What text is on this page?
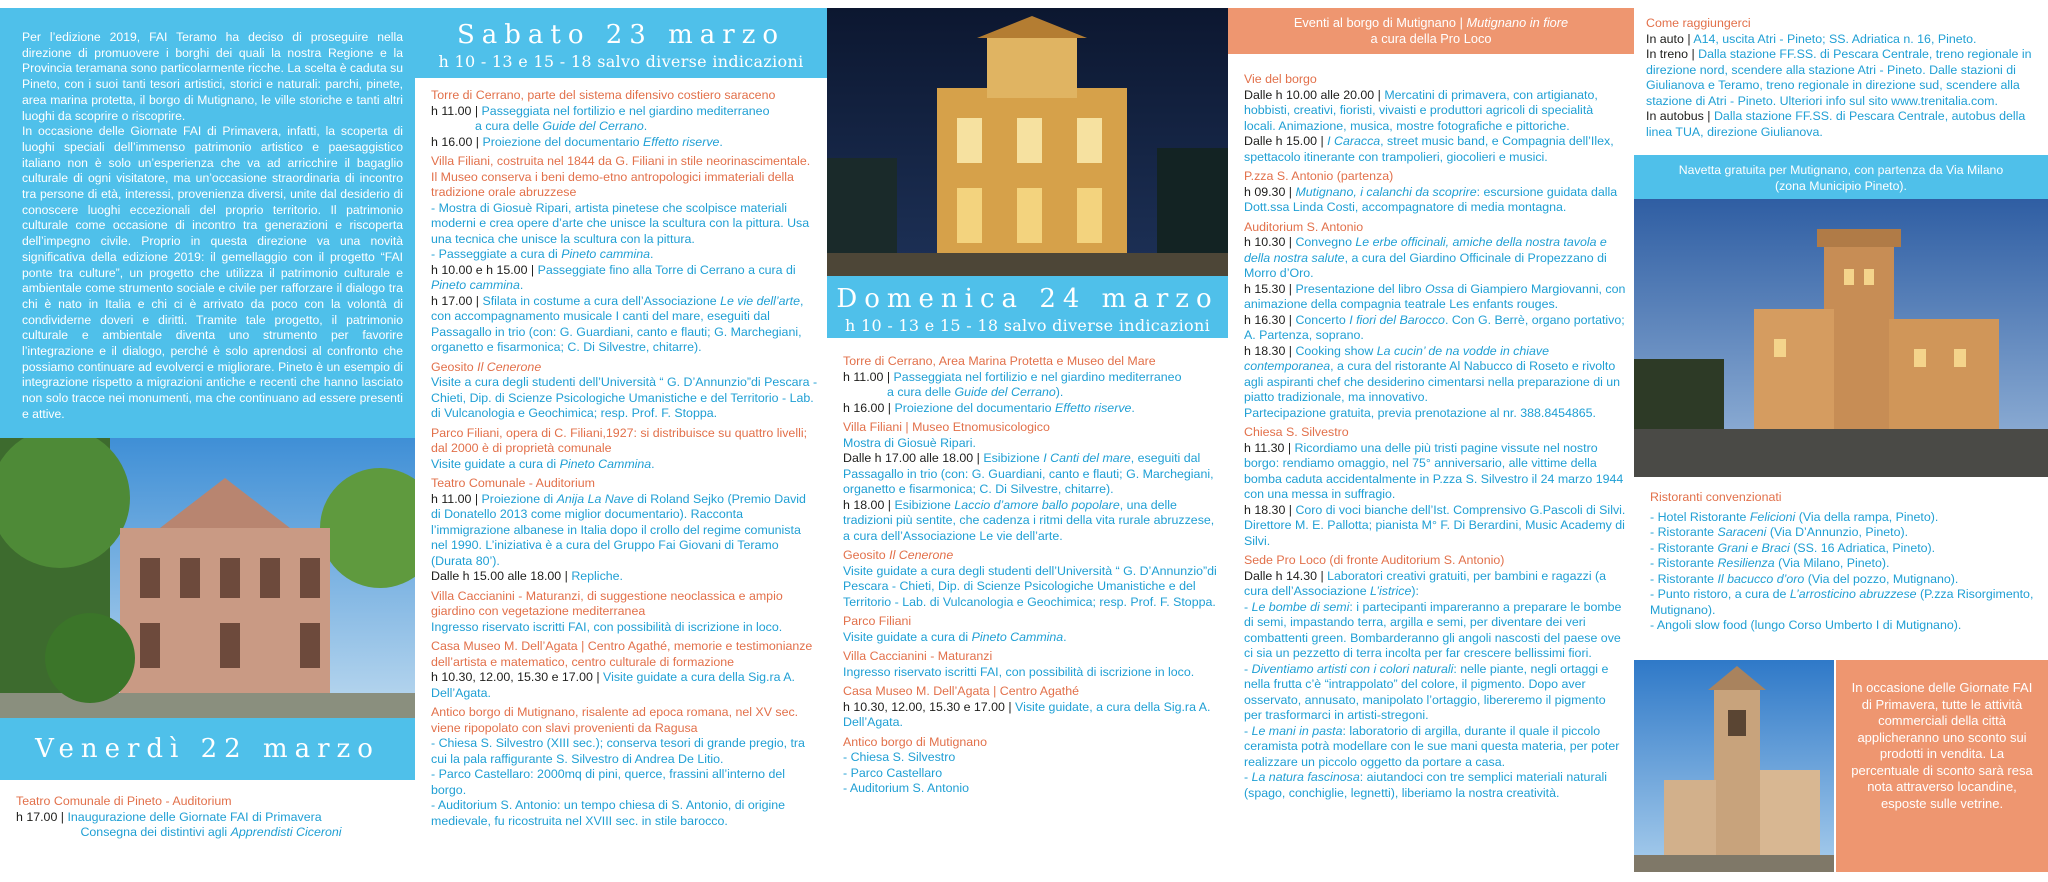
Per l’edizione 2019, FAI Teramo ha deciso di proseguire nella direzione di promuovere i borghi dei quali la nostra Regione e la Provincia teramana sono particolarmente ricche. La scelta è caduta su Pineto, con i suoi tanti tesori artistici, storici e naturali: parchi, pinete, area marina protetta, il borgo di Mutignano, le ville storiche e tanti altri luoghi da scoprire o riscoprire.

In occasione delle Giornate FAI di Primavera, infatti, la scoperta di luoghi speciali dell’immenso patrimonio artistico e paesaggistico italiano non è solo un’esperienza che va ad arricchire il bagaglio culturale di ogni visitatore, ma un’occasione straordinaria di incontro tra persone di età, interessi, provenienza diversi, unite dal desiderio di conoscere luoghi eccezionali del proprio territorio. Il patrimonio culturale come occasione di incontro tra generazioni e riscoperta dell’impegno civile. Proprio in questa direzione va una novità significativa della edizione 2019: il gemellaggio con il progetto “FAI ponte tra culture”, un progetto che utilizza il patrimonio culturale e ambientale come strumento sociale e civile per rafforzare il dialogo tra chi è nato in Italia e chi ci è arrivato da poco con la volontà di condividerne doveri e diritti. Tramite tale progetto, il patrimonio culturale e ambientale diventa uno strumento per favorire l’integrazione e il dialogo, perché è solo aprendosi al confronto che possiamo continuare ad evolverci e migliorare. Pineto è un esempio di integrazione rispetto a migrazioni antiche e recenti che hanno lasciato non solo tracce nei monumenti, ma che continuano ad essere presenti e attive.

Venerdì 22 marzo
Teatro Comunale di Pineto - Auditorium
h 17.00 | Inaugurazione delle Giornate FAI di Primavera
Consegna dei distintivi agli Apprendisti Ciceroni
Sabato 23 marzo
h 10 - 13 e 15 - 18 salvo diverse indicazioni
Torre di Cerrano, parte del sistema difensivo costiero saraceno
h 11.00 | Passeggiata nel fortilizio e nel giardino mediterraneo
a cura delle Guide del Cerrano.
h 16.00 | Proiezione del documentario Effetto riserve.
Villa Filiani, costruita nel 1844 da G. Filiani in stile neorinascimentale. Il Museo conserva i beni demo-etno antropologici immateriali della tradizione orale abruzzese
- Mostra di Giosuè Ripari, artista pinetese che scolpisce materiali moderni e crea opere d’arte che unisce la scultura con la pittura. Usa una tecnica che unisce la scultura con la pittura.
- Passeggiate a cura di Pineto cammina.
h 10.00 e h 15.00 | Passeggiate fino alla Torre di Cerrano a cura di Pineto cammina.
h 17.00 | Sfilata in costume a cura dell’Associazione Le vie dell’arte, con accompagnamento musicale I canti del mare, eseguiti dal Passagallo in trio (con: G. Guardiani, canto e flauti; G. Marchegiani, organetto e fisarmonica; C. Di Silvestre, chitarre).
Geosito Il Cenerone
Visite a cura degli studenti dell’Università “ G. D’Annunzio”di Pescara - Chieti, Dip. di Scienze Psicologiche Umanistiche e del Territorio - Lab. di Vulcanologia e Geochimica; resp. Prof. F. Stoppa.
Parco Filiani, opera di C. Filiani,1927: si distribuisce su quattro livelli; dal 2000 è di proprietà comunale
Visite guidate a cura di Pineto Cammina.
Teatro Comunale - Auditorium
h 11.00 | Proiezione di Anija La Nave di Roland Sejko (Premio David di Donatello 2013 come miglior documentario). Racconta l’immigrazione albanese in Italia dopo il crollo del regime comunista nel 1990. L’iniziativa è a cura del Gruppo Fai Giovani di Teramo (Durata 80’).
Dalle h 15.00 alle 18.00 | Repliche.
Villa Caccianini - Maturanzi, di suggestione neoclassica e ampio giardino con vegetazione mediterranea
Ingresso riservato iscritti FAI, con possibilità di iscrizione in loco.
Casa Museo M. Dell’Agata | Centro Agathé, memorie e testimonianze dell’artista e matematico, centro culturale di formazione
h 10.30, 12.00, 15.30 e 17.00 | Visite guidate a cura della Sig.ra A. Dell’Agata.
Antico borgo di Mutignano, risalente ad epoca romana, nel XV sec. viene ripopolato con slavi provenienti da Ragusa
- Chiesa S. Silvestro (XIII sec.); conserva tesori di grande pregio, tra cui la pala raffigurante S. Silvestro di Andrea De Litio.
- Parco Castellaro: 2000mq di pini, querce, frassini all’interno del borgo.
- Auditorium S. Antonio: un tempo chiesa di S. Antonio, di origine medievale, fu ricostruita nel XVIII sec. in stile barocco.
Domenica 24 marzo
h 10 - 13 e 15 - 18 salvo diverse indicazioni
Torre di Cerrano, Area Marina Protetta e Museo del Mare
h 11.00 | Passeggiata nel fortilizio e nel giardino mediterraneo
a cura delle Guide del Cerrano).
h 16.00 | Proiezione del documentario Effetto riserve.
Villa Filiani | Museo Etnomusicologico
Mostra di Giosuè Ripari.
Dalle h 17.00 alle 18.00 | Esibizione I Canti del mare, eseguiti dal Passagallo in trio (con: G. Guardiani, canto e flauti; G. Marchegiani, organetto e fisarmonica; C. Di Silvestre, chitarre).
h 18.00 | Esibizione Laccio d’amore ballo popolare, una delle tradizioni più sentite, che cadenza i ritmi della vita rurale abruzzese, a cura dell’Associazione Le vie dell’arte.
Geosito Il Cenerone
Visite guidate a cura degli studenti dell’Università “ G. D’Annunzio”di Pescara - Chieti, Dip. di Scienze Psicologiche Umanistiche e del Territorio - Lab. di Vulcanologia e Geochimica; resp. Prof. F. Stoppa.
Parco Filiani
Visite guidate a cura di Pineto Cammina.
Villa Caccianini - Maturanzi
Ingresso riservato iscritti FAI, con possibilità di iscrizione in loco.
Casa Museo M. Dell’Agata | Centro Agathé
h 10.30, 12.00, 15.30 e 17.00 | Visite guidate, a cura della Sig.ra A. Dell’Agata.
Antico borgo di Mutignano
- Chiesa S. Silvestro
- Parco Castellaro
- Auditorium S. Antonio
Eventi al borgo di Mutignano | Mutignano in fiore
a cura della Pro Loco
Vie del borgo
Dalle h 10.00 alle 20.00 | Mercatini di primavera, con artigianato, hobbisti, creativi, fioristi, vivaisti e produttori agricoli di specialità locali. Animazione, musica, mostre fotografiche e pittoriche.
Dalle h 15.00 | I Caracca, street music band, e Compagnia dell’Ilex, spettacolo itinerante con trampolieri, giocolieri e musici.
P.zza S. Antonio (partenza)
h 09.30 | Mutignano, i calanchi da scoprire: escursione guidata dalla Dott.ssa Linda Costi, accompagnatore di media montagna.
Auditorium S. Antonio
h 10.30 | Convegno Le erbe officinali, amiche della nostra tavola e della nostra salute, a cura del Giardino Officinale di Propezzano di Morro d’Oro.
h 15.30 | Presentazione del libro Ossa di Giampiero Margiovanni, con animazione della compagnia teatrale Les enfants rouges.
h 16.30 | Concerto I fiori del Barocco. Con G. Berrè, organo portativo; A. Partenza, soprano.
h 18.30 | Cooking show La cucin’ de na vodde in chiave contemporanea, a cura del ristorante Al Nabucco di Roseto e rivolto agli aspiranti chef che desiderino cimentarsi nella preparazione di un piatto tradizionale, ma innovativo.
Partecipazione gratuita, previa prenotazione al nr. 388.8454865.
Chiesa S. Silvestro
h 11.30 | Ricordiamo una delle più tristi pagine vissute nel nostro borgo: rendiamo omaggio, nel 75° anniversario, alle vittime della bomba caduta accidentalmente in P.zza S. Silvestro il 24 marzo 1944 con una messa in suffragio.
h 18.30 | Coro di voci bianche dell’Ist. Comprensivo G.Pascoli di Silvi. Direttore M. E. Pallotta; pianista M° F. Di Berardini, Music Academy di Silvi.
Sede Pro Loco (di fronte Auditorium S. Antonio)
Dalle h 14.30 | Laboratori creativi gratuiti, per bambini e ragazzi (a cura dell’Associazione L’istrice):
- Le bombe di semi: i partecipanti impareranno a preparare le bombe di semi, impastando terra, argilla e semi, per diventare dei veri combattenti green. Bombarderanno gli angoli nascosti del paese ove ci sia un pezzetto di terra incolta per far crescere bellissimi fiori.
- Diventiamo artisti con i colori naturali: nelle piante, negli ortaggi e nella frutta c’è “intrappolato” del colore, il pigmento. Dopo aver osservato, annusato, manipolato l’ortaggio, libereremo il pigmento per trasformarci in artisti-stregoni.
- Le mani in pasta: laboratorio di argilla, durante il quale il piccolo ceramista potrà modellare con le sue mani questa materia, per poter realizzare un piccolo oggetto da portare a casa.
- La natura fascinosa: aiutandoci con tre semplici materiali naturali (spago, conchiglie, legnetti), liberiamo la nostra creatività.
Come raggiungerci
In auto | A14, uscita Atri - Pineto; SS. Adriatica n. 16, Pineto.
In treno | Dalla stazione FF.SS. di Pescara Centrale, treno regionale in direzione nord, scendere alla stazione Atri - Pineto. Dalle stazioni di Giulianova e Teramo, treno regionale in direzione sud, scendere alla stazione di Atri - Pineto. Ulteriori info sul sito www.trenitalia.com.
In autobus | Dalla stazione FF.SS. di Pescara Centrale, autobus della linea TUA, direzione Giulianova.
Navetta gratuita per Mutignano, con partenza da Via Milano (zona Municipio Pineto).
Ristoranti convenzionati
- Hotel Ristorante Felicioni (Via della rampa, Pineto).
- Ristorante Saraceni (Via D’Annunzio, Pineto).
- Ristorante Grani e Braci (SS. 16 Adriatica, Pineto).
- Ristorante Resilienza (Via Milano, Pineto).
- Ristorante Il bacucco d’oro (Via del pozzo, Mutignano).
- Punto ristoro, a cura de L’arrosticino abruzzese (P.zza Risorgimento, Mutignano).
- Angoli slow food (lungo Corso Umberto I di Mutignano).
In occasione delle Giornate FAI di Primavera, tutte le attività commerciali della città applicheranno uno sconto sui prodotti in vendita. La percentuale di sconto sarà resa nota attraverso locandine, esposte sulle vetrine.
